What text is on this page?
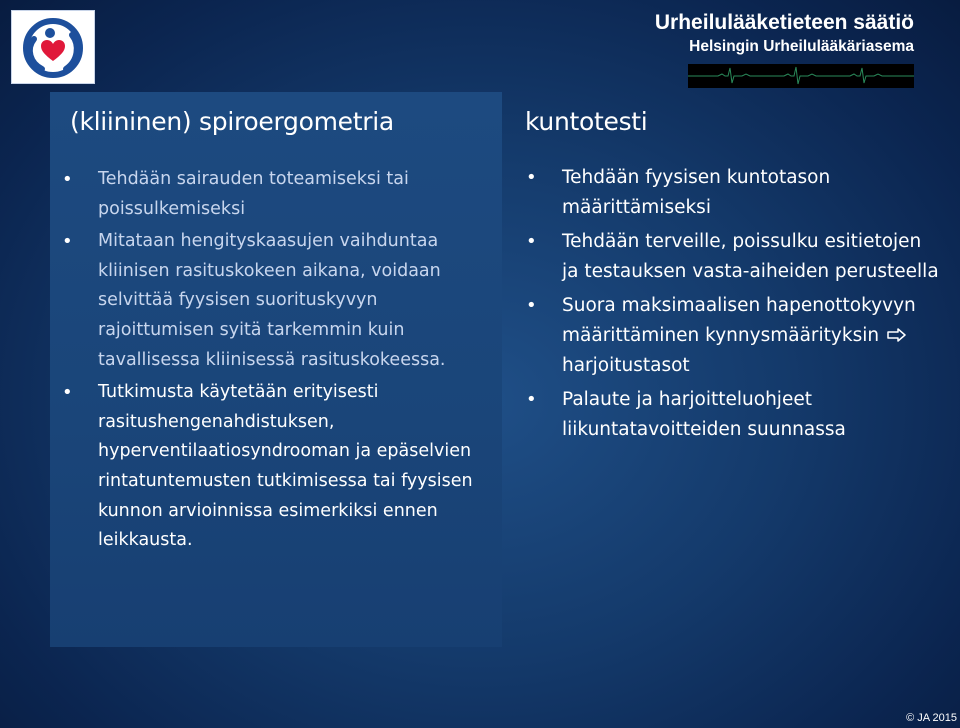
Urheilulääketieteen säätiö
Helsingin Urheilulääkäriasema
(kliininen) spiroergometria
• Tehdään sairauden toteamiseksi tai poissulkemiseksi
• Mitataan hengityskaasujen vaihduntaa kliinisen rasituskokeen aikana, voidaan selvittää fyysisen suorituskyvyn rajoittumisen syitä tarkemmin kuin tavallisessa kliinisessä rasituskokeessa.
• Tutkimusta käytetään erityisesti rasitushengenahdistuksen, hyperventilaatiosyndrooman ja epäselvien rintatuntemusten tutkimisessa tai fyysisen kunnon arvioinnissa esimerkiksi ennen leikkausta.
kuntotesti
• Tehdään fyysisen kuntotason määrittämiseksi
• Tehdään terveille, poissulku esitietojen ja testauksen vasta-aiheiden perusteella
• Suora maksimaalisen hapenottokyvyn määrittäminen kynnysmäärityksin  harjoitustasot
• Palaute ja harjoitteluohjeet liikuntatavoitteiden suunnassa
© JA 2015
